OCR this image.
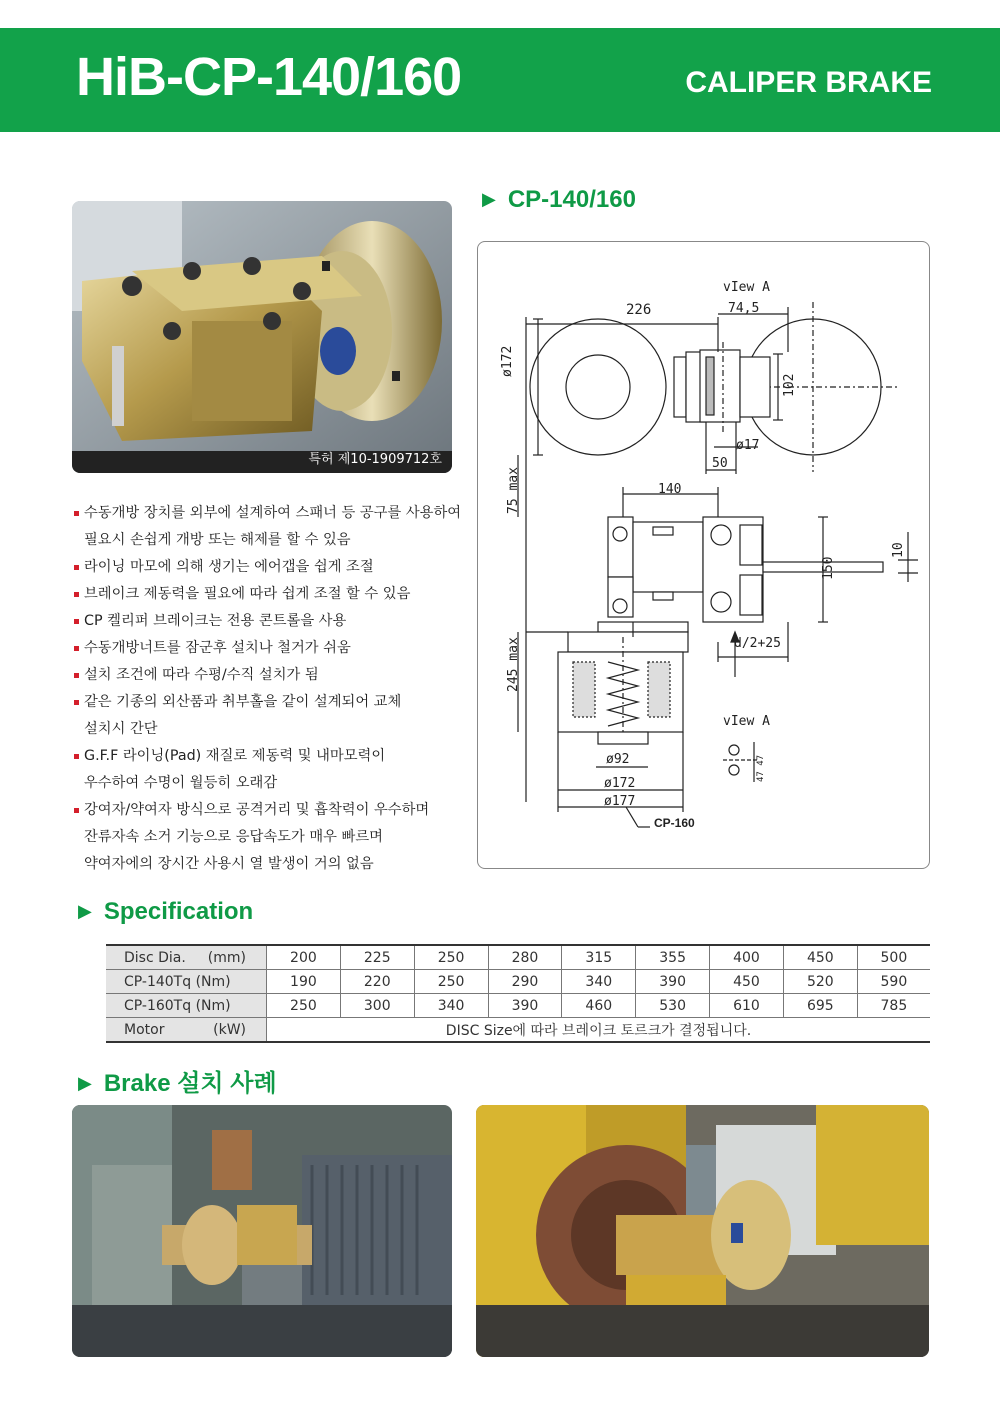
HiB-CP-140/160	CALIPER BRAKE
특허 제10-1909712호
수동개방 장치를 외부에 설계하여 스패너 등 공구를 사용하여
필요시 손쉽게 개방 또는 해제를 할 수 있음
라이닝 마모에 의해 생기는 에어갭을 쉽게 조절
브레이크 제동력을 필요에 따라 쉽게 조절 할 수 있음
CP 켈리퍼 브레이크는 전용 콘트롤을 사용
수동개방너트를 잠군후 설치나 철거가 쉬움
설치 조건에 따라 수평/수직 설치가 됨
같은 기종의 외산품과 취부홀을 같이 설계되어 교체
설치시 간단
G.F.F 라이닝(Pad) 재질로 제동력 및 내마모력이
우수하여 수명이 월등히 오래감
강여자/약여자 방식으로 공격거리 및 흡착력이 우수하며
잔류자속 소거 기능으로 응답속도가 매우 빠르며
약여자에의 장시간 사용시 열 발생이 거의 없음
▶ CP-140/160
vIew A
226	74,5
ø172
102
ø17
50
75 max	140
10
150
d/2+25
245 max
vIew A
47 47
ø92
ø172
ø177
CP-160
▶ Specification
Disc Dia. (mm)	200	225	250	280	315	355	400	450	500
CP-140Tq (Nm)	190	220	250	290	340	390	450	520	590
CP-160Tq (Nm)	250	300	340	390	460	530	610	695	785
Motor (kW)	DISC Size에 따라 브레이크 토르크가 결정됩니다.								
▶ Brake 설치 사례
